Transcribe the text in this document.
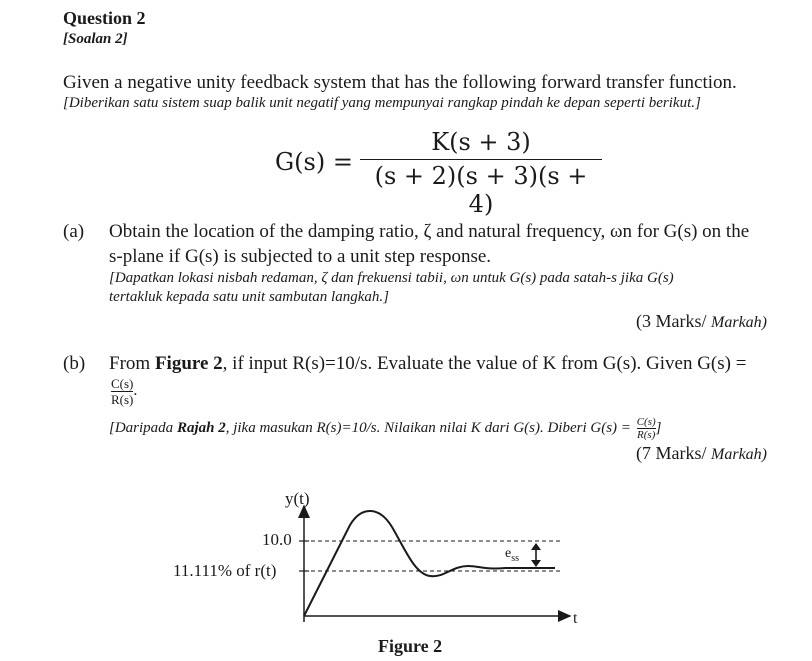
Question 2
[Soalan 2]
Given a negative unity feedback system that has the following forward transfer function.
[Diberikan satu sistem suap balik unit negatif yang mempunyai rangkap pindah ke depan seperti berikut.]
G(s) =
K(s + 3)
(s + 2)(s + 3)(s + 4)
(a) Obtain the location of the damping ratio, ζ and natural frequency, ωn for G(s) on the
s-plane if G(s) is subjected to a unit step response.
[Dapatkan lokasi nisbah redaman, ζ dan frekuensi tabii, ωn untuk G(s) pada satah-s jika G(s)
tertakluk kepada satu unit sambutan langkah.]
(3 Marks/ Markah)
(b) From Figure 2, if input R(s)=10/s. Evaluate the value of K from G(s). Given G(s) =
$\frac{C(s)}{R(s)}$ .
[Daripada Rajah 2, jika masukan R(s)=10/s. Nilaikan nilai K dari G(s). Diberi $G(s) = \frac{C(s)}{R(s)}$ ]
(7 Marks/ Markah)
y(t)
t
10.0
11.111% of r(t)
$e_{ss}$
Figure 2
